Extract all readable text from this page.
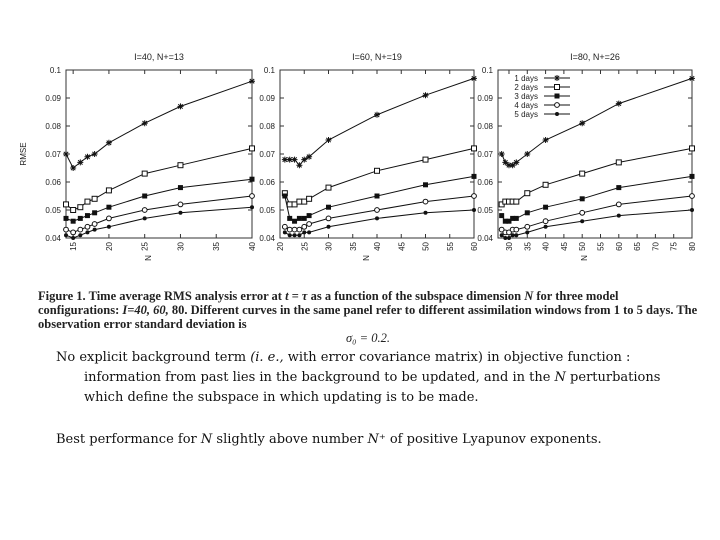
I=40, N+=13
0.04
0.05
0.06
0.07
0.08
0.09
0.1
15	20	25	30	35	40
N
RMSE
I=60, N+=19
0.04
0.05
0.06
0.07
0.08
0.09
0.1
20 25 30 35 40 45 50 55 60
N
I=80, N+=26
0.04
0.05
0.06
0.07
0.08
0.09
0.1
30 35 40 45 50 55 60 65 70 75 80
N
1 days
2 days
3 days
4 days
5 days
Figure 1. Time average RMS analysis error at t = τ as a function of the subspace dimension N for three model configurations: I=40, 60, 80. Different curves in the same panel refer to different assimilation windows from 1 to 5 days. The observation error standard deviation is
σ₀ = 0.2.

No explicit background term (i. e., with error covariance matrix) in objective function : information from past lies in the background to be updated, and in the N perturbations which define the subspace in which updating is to be made.

Best performance for N slightly above number N⁺ of positive Lyapunov exponents.
